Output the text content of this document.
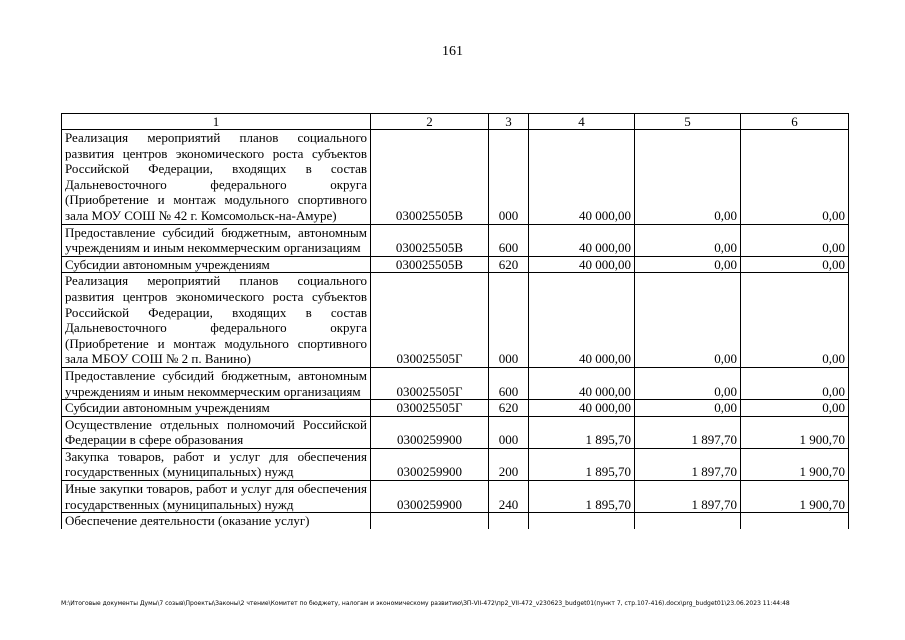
161
1	2	3	4	5	6
Реализация мероприятий планов социального развития центров экономического роста субъектов Российской Федерации, входящих в состав Дальневосточного федерального округа (Приобретение и монтаж модульного спортивного зала МОУ СОШ № 42 г. Комсомольск-на-Амуре)	030025505В	000	40 000,00	0,00	0,00
Предоставление субсидий бюджетным, автономным учреждениям и иным некоммерческим организациям	030025505В	600	40 000,00	0,00	0,00
Субсидии автономным учреждениям	030025505В	620	40 000,00	0,00	0,00
Реализация мероприятий планов социального развития центров экономического роста субъектов Российской Федерации, входящих в состав Дальневосточного федерального округа (Приобретение и монтаж модульного спортивного зала МБОУ СОШ № 2 п. Ванино)	030025505Г	000	40 000,00	0,00	0,00
Предоставление субсидий бюджетным, автономным учреждениям и иным некоммерческим организациям	030025505Г	600	40 000,00	0,00	0,00
Субсидии автономным учреждениям	030025505Г	620	40 000,00	0,00	0,00
Осуществление отдельных полномочий Российской Федерации в сфере образования	0300259900	000	1 895,70	1 897,70	1 900,70
Закупка товаров, работ и услуг для обеспечения государственных (муниципальных) нужд	0300259900	200	1 895,70	1 897,70	1 900,70
Иные закупки товаров, работ и услуг для обеспечения государственных (муниципальных) нужд	0300259900	240	1 895,70	1 897,70	1 900,70
Обеспечение деятельности (оказание услуг)					
M:\Итоговые документы Думы\7 созыв\Проекты\Законы\2 чтение\Комитет по бюджету, налогам и экономическому развитию\ЗП-VII-472\пр2_VII-472_v230623_budget01(пункт 7, стр.107-416).docx\prg_budget01\23.06.2023 11:44:48
